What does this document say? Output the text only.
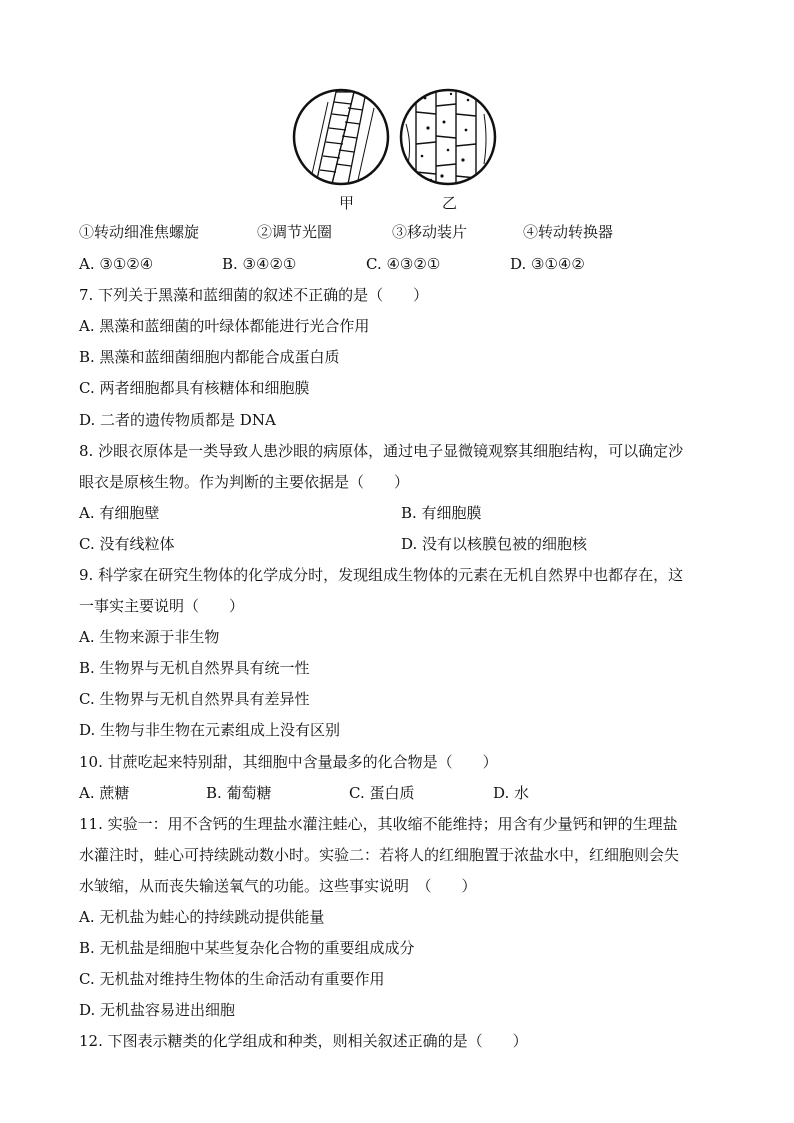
甲	乙
①转动细准焦螺旋	②调节光圈	③移动装片	④转动转换器
A. ③①②④	B. ③④②①	C. ④③②①	D. ③①④②
7. 下列关于黑藻和蓝细菌的叙述不正确的是（　　）
A. 黑藻和蓝细菌的叶绿体都能进行光合作用
B. 黑藻和蓝细菌细胞内都能合成蛋白质
C. 两者细胞都具有核糖体和细胞膜
D. 二者的遗传物质都是 DNA
8. 沙眼衣原体是一类导致人患沙眼的病原体，通过电子显微镜观察其细胞结构，可以确定沙
眼衣是原核生物。作为判断的主要依据是（　　）
A. 有细胞壁	B. 有细胞膜
C. 没有线粒体	D. 没有以核膜包被的细胞核
9. 科学家在研究生物体的化学成分时，发现组成生物体的元素在无机自然界中也都存在，这
一事实主要说明（　　）
A. 生物来源于非生物
B. 生物界与无机自然界具有统一性
C. 生物界与无机自然界具有差异性
D. 生物与非生物在元素组成上没有区别
10. 甘蔗吃起来特别甜，其细胞中含量最多的化合物是（　　）
A. 蔗糖	B. 葡萄糖	C. 蛋白质	D. 水
11. 实验一：用不含钙的生理盐水灌注蛙心，其收缩不能维持；用含有少量钙和钾的生理盐
水灌注时，蛙心可持续跳动数小时。实验二：若将人的红细胞置于浓盐水中，红细胞则会失
水皱缩，从而丧失输送氧气的功能。这些事实说明　（　　）
A. 无机盐为蛙心的持续跳动提供能量
B. 无机盐是细胞中某些复杂化合物的重要组成成分
C. 无机盐对维持生物体的生命活动有重要作用
D. 无机盐容易进出细胞
12. 下图表示糖类的化学组成和种类，则相关叙述正确的是（　　）
